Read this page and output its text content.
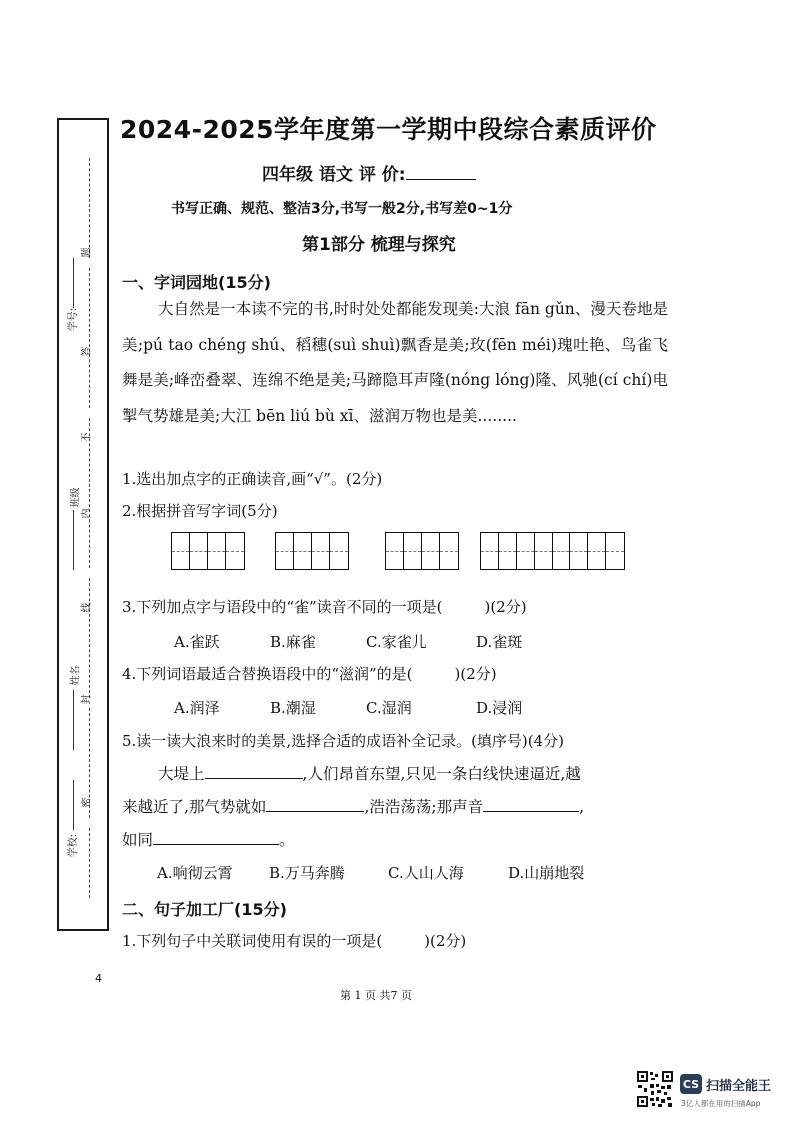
学号:
班级
姓名
学校:
题
答
不
内
线
封
密
2024-2025学年度第一学期中段综合素质评价
四年级 语文 评 价:
书写正确、规范、整洁3分,书写一般2分,书写差0~1分
第1部分 梳理与探究
一、字词园地(15分)
大自然是一本读不完的书,时时处处都能发现美:大浪 fān gǔn、漫天卷地是美;pú tao chéng shú、稻穗(suì shuì)飘香是美;玫(fēn méi)瑰吐艳、鸟雀飞舞是美;峰峦叠翠、连绵不绝是美;马蹄隐耳声隆(nóng lóng)隆、风驰(cí chí)电掣气势雄是美;大江 bēn liú bù xī、滋润万物也是美........
1.选出加点字的正确读音,画“√”。(2分)
2.根据拼音写字词(5分)
3.下列加点字与语段中的“雀”读音不同的一项是(	)(2分)
A.雀跃	B.麻雀	C.家雀儿	D.雀斑
4.下列词语最适合替换语段中的“滋润”的是(	)(2分)
A.润泽	B.潮湿	C.湿润	D.浸润
5.读一读大浪来时的美景,选择合适的成语补全记录。(填序号)(4分)
大堤上	,人们昂首东望,只见一条白线快速逼近,越
来越近了,那气势就如	,浩浩荡荡;那声音	,
如同	。
A.响彻云霄 B.万马奔腾	C.人山人海	D.山崩地裂
二、句子加工厂(15分)
1.下列句子中关联词使用有误的一项是(	)(2分)
4
第 1 页 共7 页
CS 扫描全能王
3亿人都在用的扫描App
